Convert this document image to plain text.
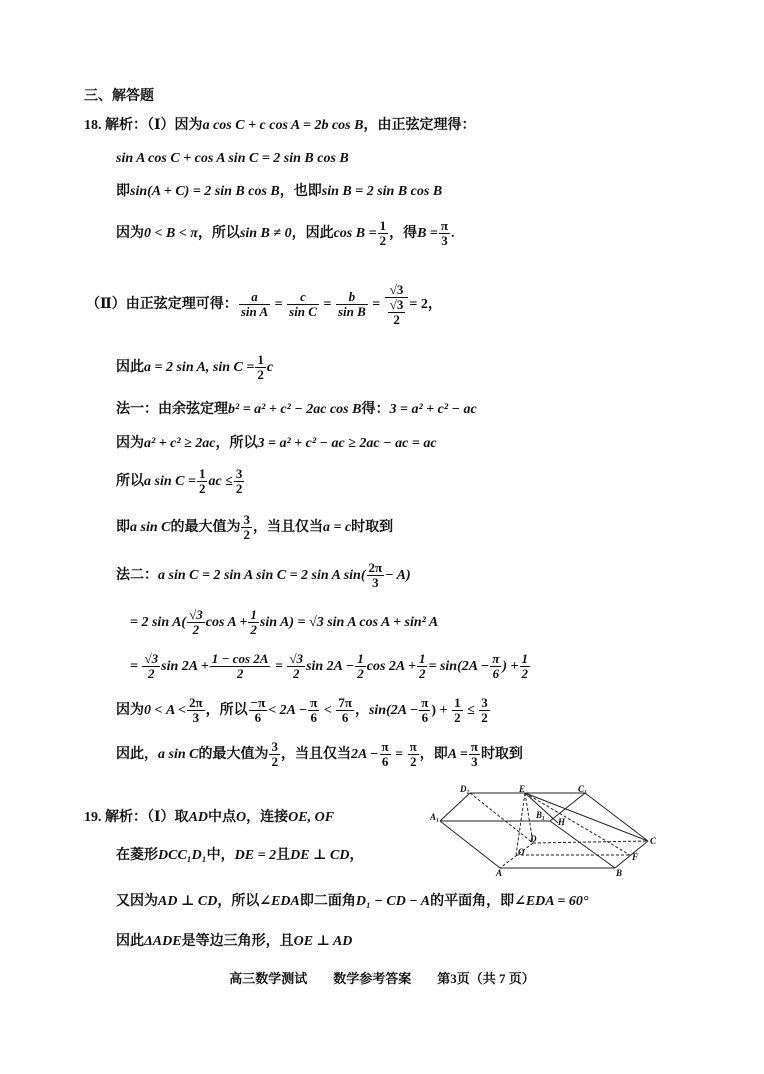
三、解答题
18. 解析：（Ⅰ）因为a cos C + c cos A = 2b cos B，由正弦定理得：
sin A cos C + cos A sin C = 2 sin B cos B
即sin(A + C) = 2 sin B cos B，也即sin B = 2 sin B cos B
因为0 < B < π，所以sin B ≠ 0，因此$\cos B = \frac{1}{2}$ ，得$B = \frac{\pi}{3}$ .
（Ⅱ）由正弦定理可得： $\frac{a}{\text{sin A}} = \frac{c}{\text{sin C}} = \frac{b}{\text{sin B}} = \frac{√3}{\frac{√3}{2}} = 2$，
因此a = 2 sin A, $\sin C = \frac{1}{2}$ c
法一：由余弦定理b² = a² + c² − 2ac cos B得：3 = a² + c² − ac
因为a² + c² ≥ 2ac，所以3 = a² + c² − ac ≥ 2ac − ac = ac
所以a $\sin C = \frac{1}{2}$ ac ≤ $\frac{3}{2}$
即a sin C的最大值为 $\frac{3}{2}$ ，当且仅当a = c时取到
法二：a sin C = 2 sin A sin C = 2 sin A $\sin( \frac{2\pi}{3} - A)$
= 2 $\sin A( \frac{√3}{2}$ $\cos A + \frac{1}{2}$ sin A) = √3 sin A cos A + sin² A
= $\frac{√3}{2}$ $\sin 2A + \frac{1 - \cos 2A}{2} = \frac{√3}{2}$ $\sin 2A - \frac{1}{2}$ $\cos 2A + \frac{1}{2} = \sin(2A - \frac{\pi}{6}$ ) + $\frac{1}{2}$
因为$0 < A < \frac{2\pi}{3}$ ，所以 $\frac{-\pi}{6} < 2A - \frac{\pi}{6} < \frac{7\pi}{6}$ ，$\sin(2A - \frac{\pi}{6}$ ) + $\frac{1}{2} \le \frac{3}{2}$
因此，a sin C的最大值为 $\frac{3}{2}$ ，当且仅当$2A - \frac{\pi}{6} = \frac{\pi}{2}$ ，即$A = \frac{\pi}{3}$ 时取到
19. 解析：（Ⅰ）取AD中点O，连接OE, OF
在菱形DCC₁D₁中，DE = 2且DE ⊥ CD，
又因为AD ⊥ CD，所以∠EDA即二面角D₁ − CD − A的平面角，即∠EDA = 60°
因此ΔADE是等边三角形，且OE ⊥ AD
D₁	E	C₁
A₁	B₁
H
D	C
O	F
A	B
高三数学测试　　数学参考答案　　第3页（共 7 页）
